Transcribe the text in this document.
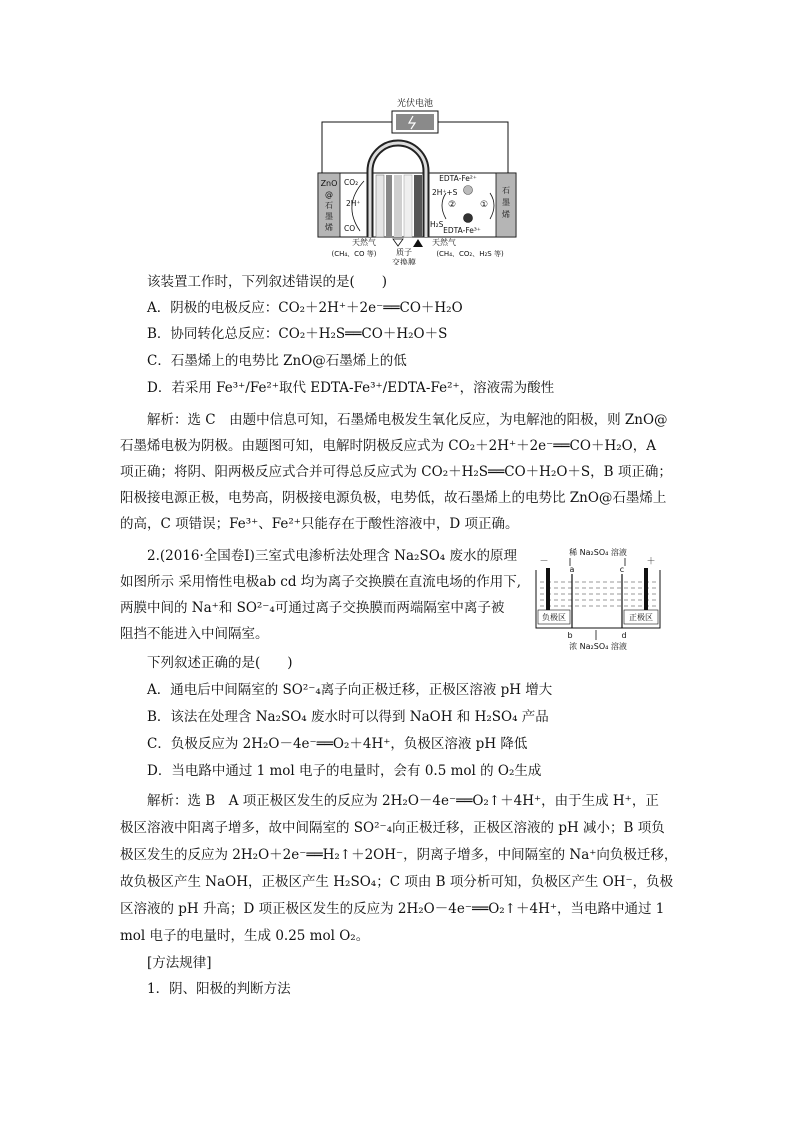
光伏电池
ZnO
@
石
墨
烯
石
墨
烯
CO₂
2H⁺
CO
EDTA-Fe²⁺
2H⁺+S
②	①
H₂S
EDTA-Fe³⁺
天然气
(CH₄、CO 等) 质子
交换膜
天然气
(CH₄、CO₂、H₂S 等)
该装置工作时，下列叙述错误的是(　　)
A．阴极的电极反应：CO₂＋2H⁺＋2e⁻══CO＋H₂O
B．协同转化总反应：CO₂＋H₂S══CO＋H₂O＋S
C．石墨烯上的电势比 ZnO@石墨烯上的低
D．若采用 Fe³⁺/Fe²⁺取代 EDTA-Fe³⁺/EDTA-Fe²⁺，溶液需为酸性
解析：选 C　由题中信息可知，石墨烯电极发生氧化反应，为电解池的阳极，则 ZnO@
石墨烯电极为阴极。由题图可知，电解时阴极反应式为 CO₂＋2H⁺＋2e⁻══CO＋H₂O，A
项正确；将阴、阳两极反应式合并可得总反应式为 CO₂＋H₂S══CO＋H₂O＋S，B 项正确；
阳极接电源正极，电势高，阴极接电源负极，电势低，故石墨烯上的电势比 ZnO@石墨烯上
的高，C 项错误；Fe³⁺、Fe²⁺只能存在于酸性溶液中，D 项正确。
2.(2016·全国卷Ⅰ)三室式电渗析法处理含 Na₂SO₄ 废水的原理
如图所示 采用惰性电极ab cd 均为离子交换膜在直流电场的作用下,
两膜中间的 Na⁺和 SO²⁻₄可通过离子交换膜而两端隔室中离子被
阻挡不能进入中间隔室。
稀 Na₂SO₄ 溶液
－	＋
a	c
负极区	正极区
b	d
浓 Na₂SO₄ 溶液
下列叙述正确的是(　　)
A．通电后中间隔室的 SO²⁻₄离子向正极迁移，正极区溶液 pH 增大
B．该法在处理含 Na₂SO₄ 废水时可以得到 NaOH 和 H₂SO₄ 产品
C．负极反应为 2H₂O－4e⁻══O₂＋4H⁺，负极区溶液 pH 降低
D．当电路中通过 1 mol 电子的电量时，会有 0.5 mol 的 O₂生成
解析：选 B　A 项正极区发生的反应为 2H₂O－4e⁻══O₂↑＋4H⁺，由于生成 H⁺，正
极区溶液中阳离子增多，故中间隔室的 SO²⁻₄向正极迁移，正极区溶液的 pH 减小；B 项负
极区发生的反应为 2H₂O＋2e⁻══H₂↑＋2OH⁻，阴离子增多，中间隔室的 Na⁺向负极迁移，
故负极区产生 NaOH，正极区产生 H₂SO₄；C 项由 B 项分析可知，负极区产生 OH⁻，负极
区溶液的 pH 升高；D 项正极区发生的反应为 2H₂O－4e⁻══O₂↑＋4H⁺，当电路中通过 1
mol 电子的电量时，生成 0.25 mol O₂。
[方法规律]
1．阴、阳极的判断方法
